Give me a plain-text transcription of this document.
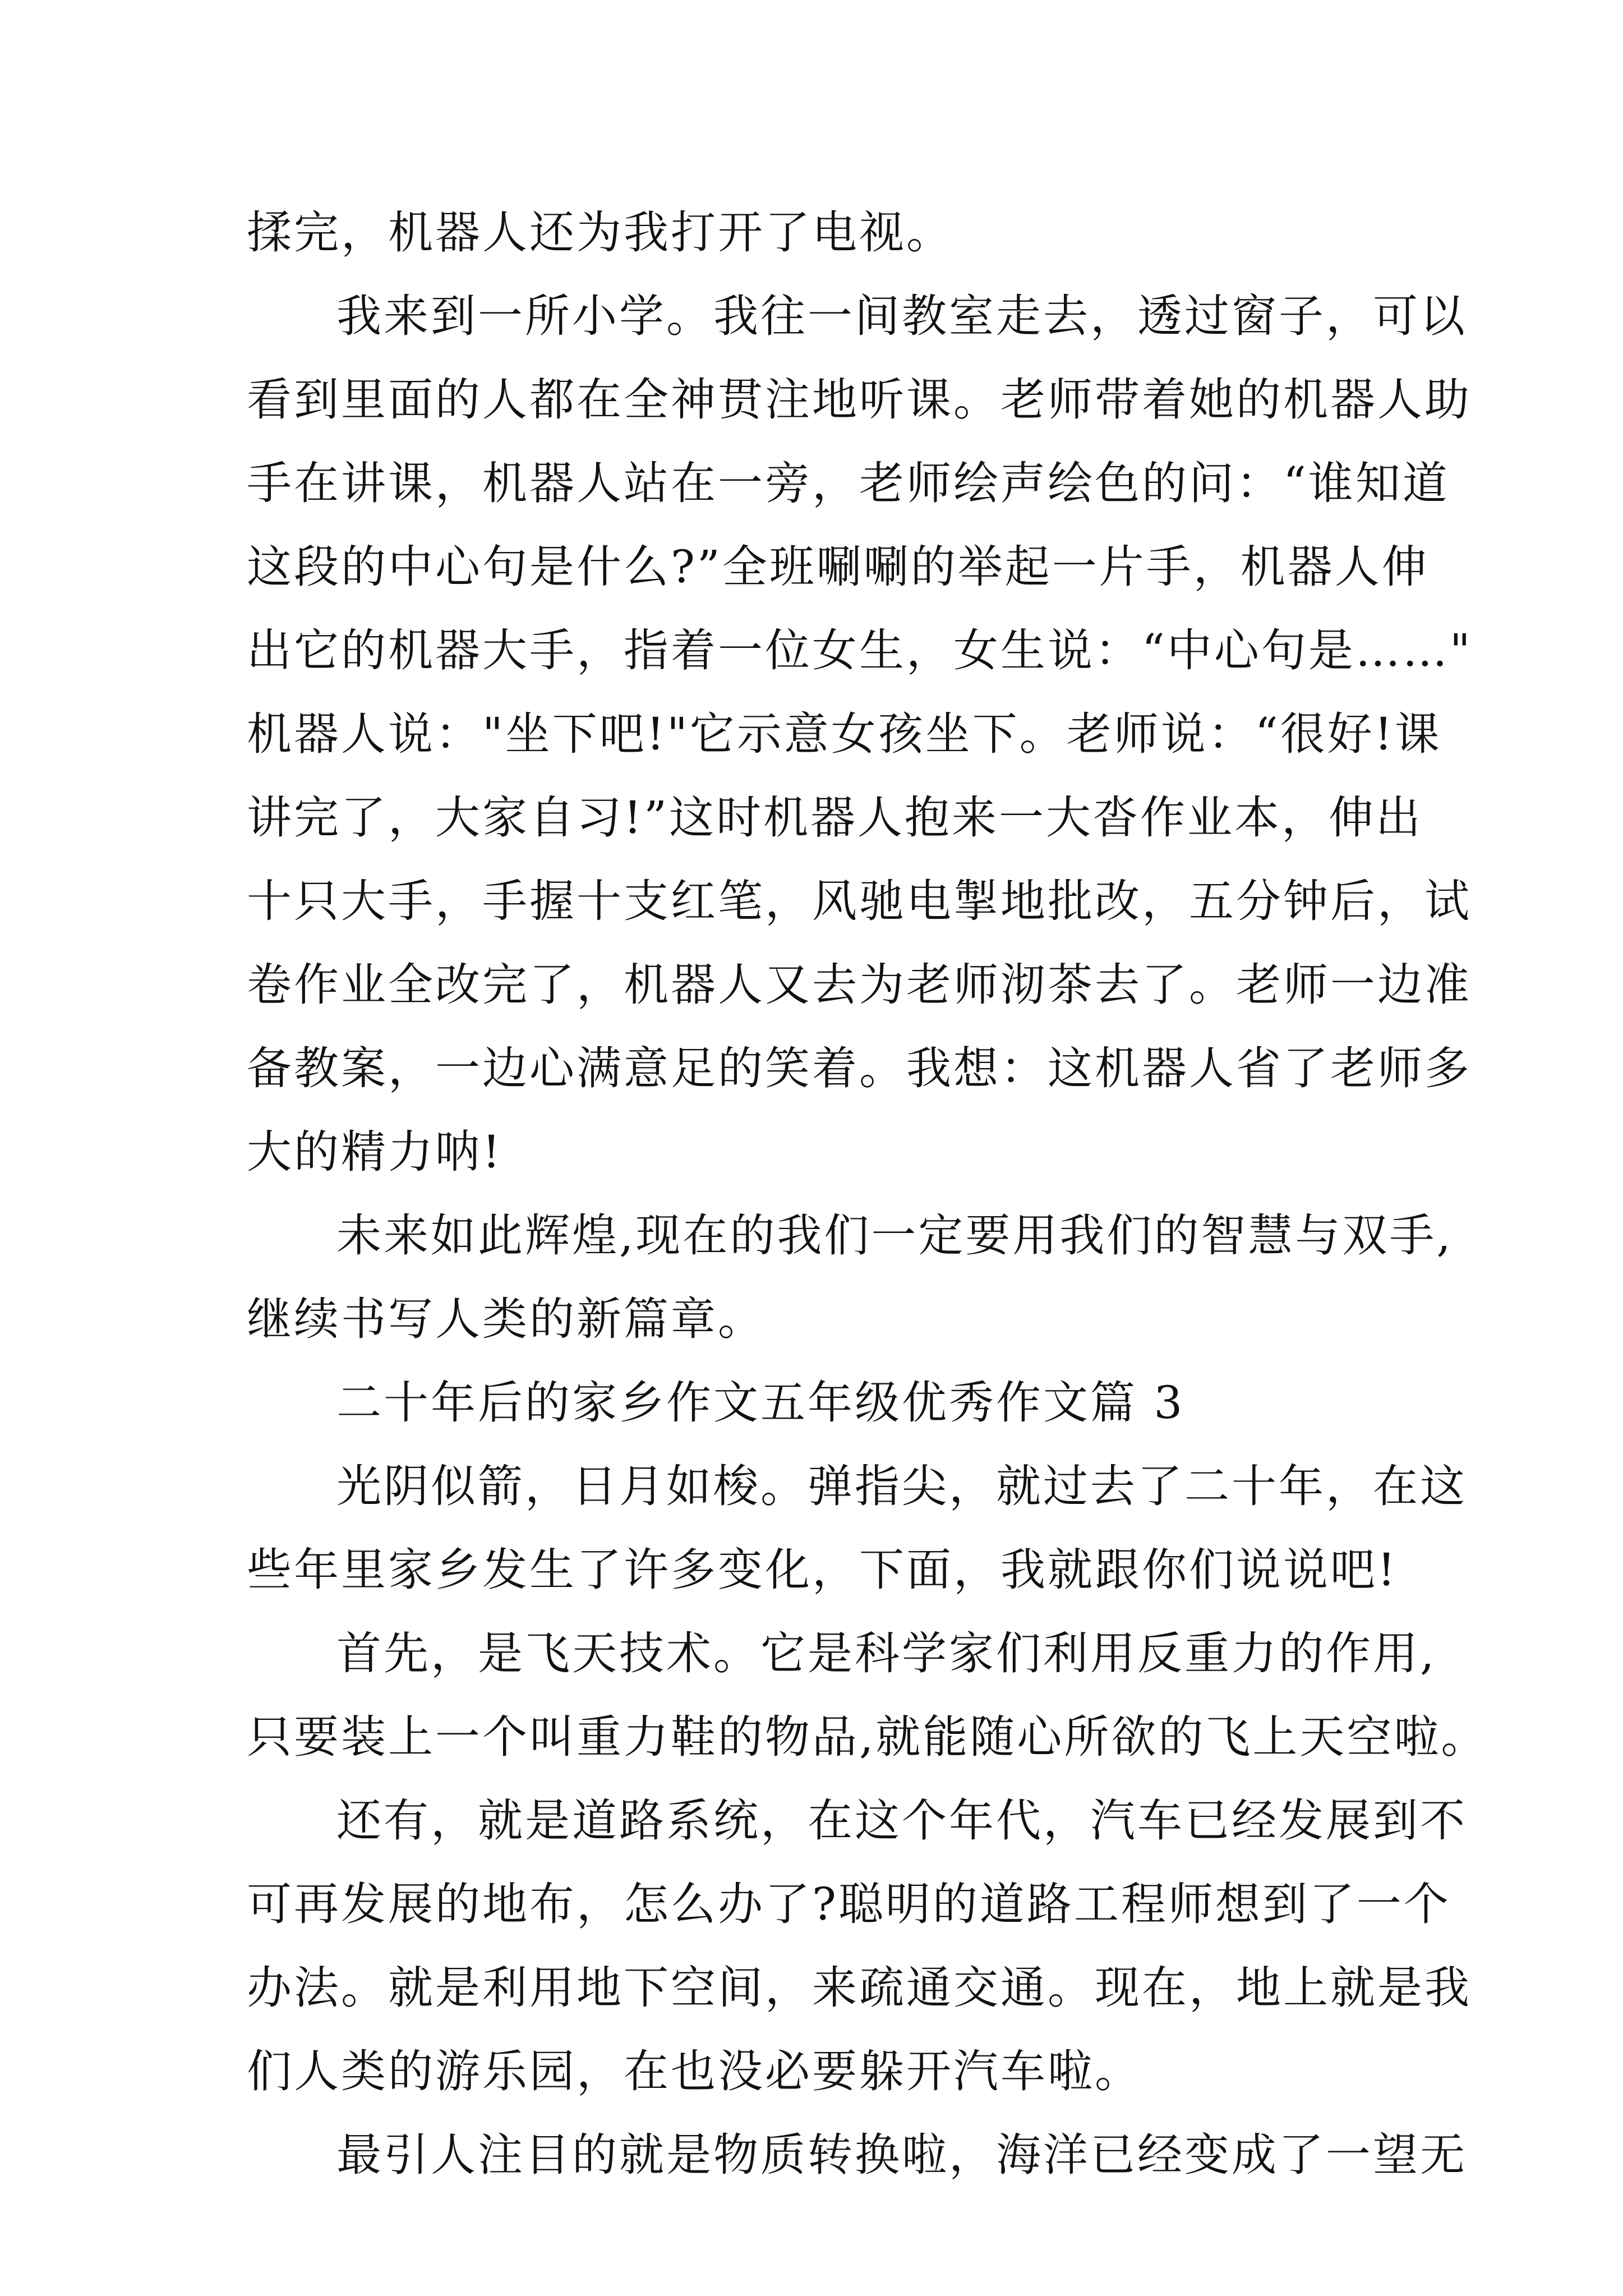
揉完，机器人还为我打开了电视。
我来到一所小学。我往一间教室走去，透过窗子，可以
看到里面的人都在全神贯注地听课。老师带着她的机器人助
手在讲课，机器人站在一旁，老师绘声绘色的问：“谁知道
这段的中心句是什么?”全班唰唰的举起一片手，机器人伸
出它的机器大手，指着一位女生，女生说：“中心句是……"
机器人说："坐下吧!"它示意女孩坐下。老师说：“很好!课
讲完了，大家自习!”这时机器人抱来一大沓作业本，伸出
十只大手，手握十支红笔，风驰电掣地批改，五分钟后，试
卷作业全改完了，机器人又去为老师沏茶去了。老师一边准
备教案，一边心满意足的笑着。我想：这机器人省了老师多
大的精力呐!
未来如此辉煌,现在的我们一定要用我们的智慧与双手,
继续书写人类的新篇章。
二十年后的家乡作文五年级优秀作文篇 3
光阴似箭，日月如梭。弹指尖，就过去了二十年，在这
些年里家乡发生了许多变化，下面，我就跟你们说说吧!
首先，是飞天技术。它是科学家们利用反重力的作用,
只要装上一个叫重力鞋的物品,就能随心所欲的飞上天空啦。
还有，就是道路系统，在这个年代，汽车已经发展到不
可再发展的地布，怎么办了?聪明的道路工程师想到了一个
办法。就是利用地下空间，来疏通交通。现在，地上就是我
们人类的游乐园，在也没必要躲开汽车啦。
最引人注目的就是物质转换啦，海洋已经变成了一望无
